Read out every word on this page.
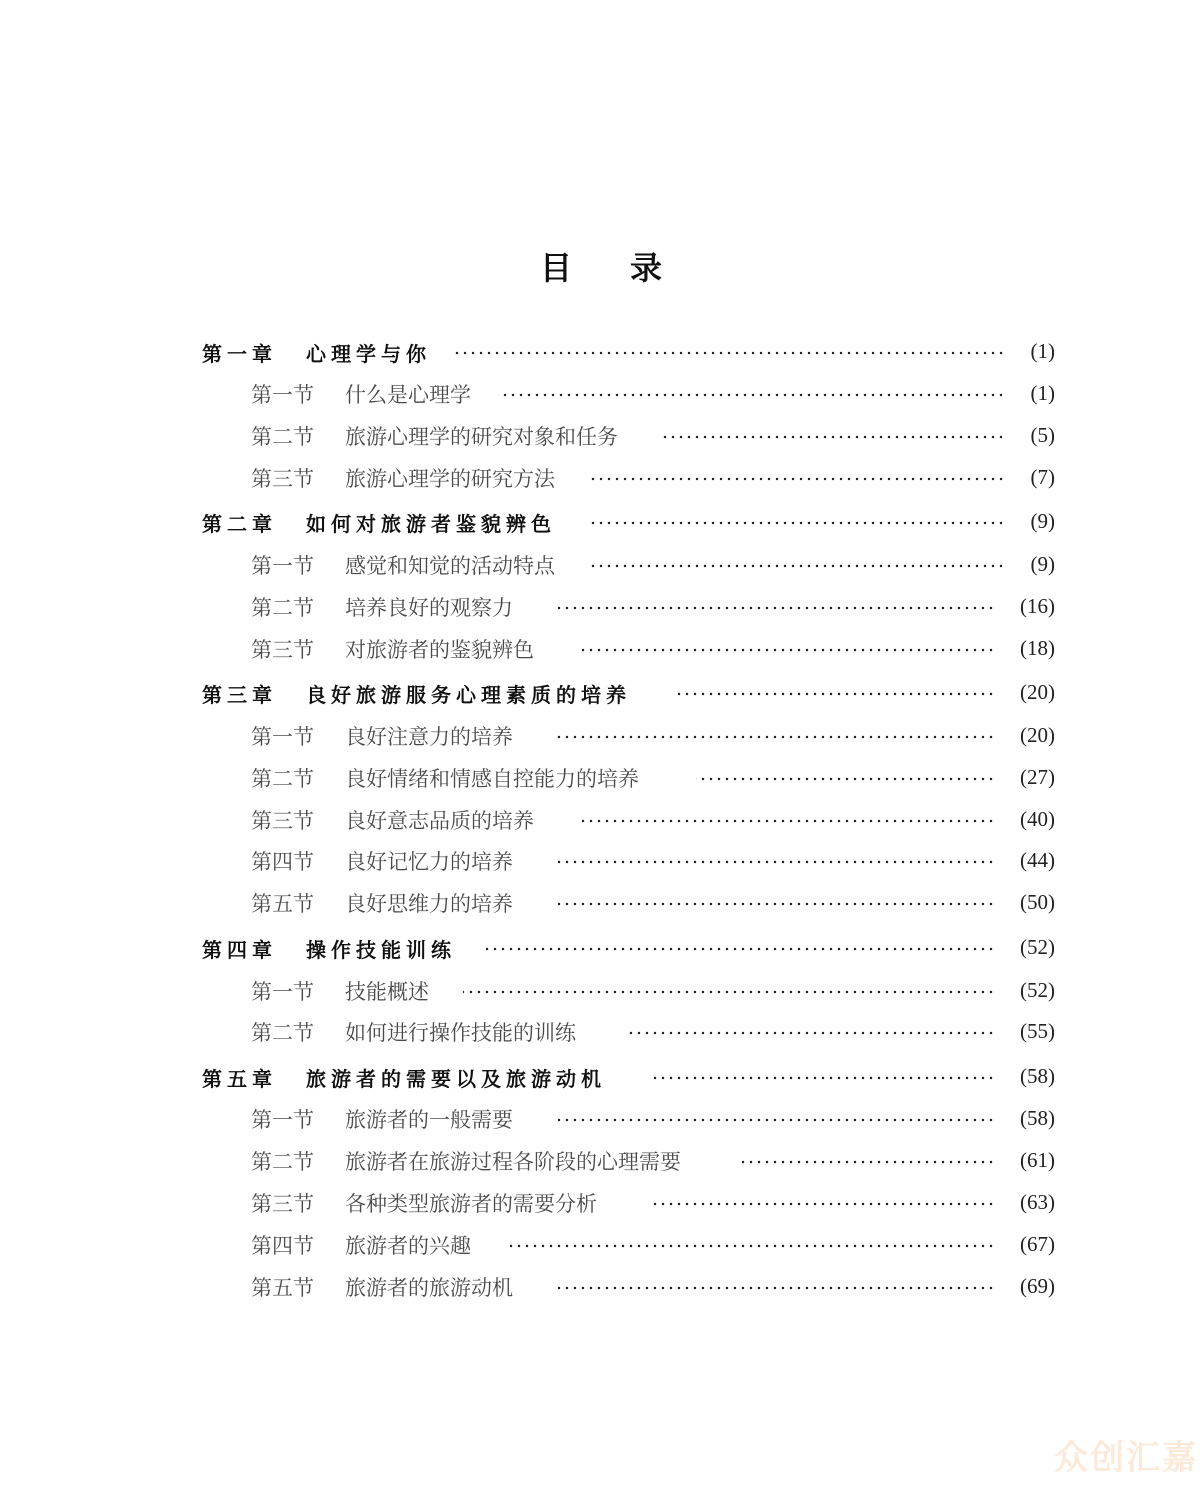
目录
第一章	心理学与你	(1)
第一节	什么是心理学	(1)
第二节	旅游心理学的研究对象和任务	(5)
第三节	旅游心理学的研究方法	(7)
第二章	如何对旅游者鉴貌辨色	(9)
第一节	感觉和知觉的活动特点	(9)
第二节	培养良好的观察力	(16)
第三节	对旅游者的鉴貌辨色	(18)
第三章	良好旅游服务心理素质的培养	(20)
第一节	良好注意力的培养	(20)
第二节	良好情绪和情感自控能力的培养	(27)
第三节	良好意志品质的培养	(40)
第四节	良好记忆力的培养	(44)
第五节	良好思维力的培养	(50)
第四章	操作技能训练	(52)
第一节	技能概述	(52)
第二节	如何进行操作技能的训练	(55)
第五章	旅游者的需要以及旅游动机	(58)
第一节	旅游者的一般需要	(58)
第二节	旅游者在旅游过程各阶段的心理需要	(61)
第三节	各种类型旅游者的需要分析	(63)
第四节	旅游者的兴趣	(67)
第五节	旅游者的旅游动机	(69)
众创汇嘉
